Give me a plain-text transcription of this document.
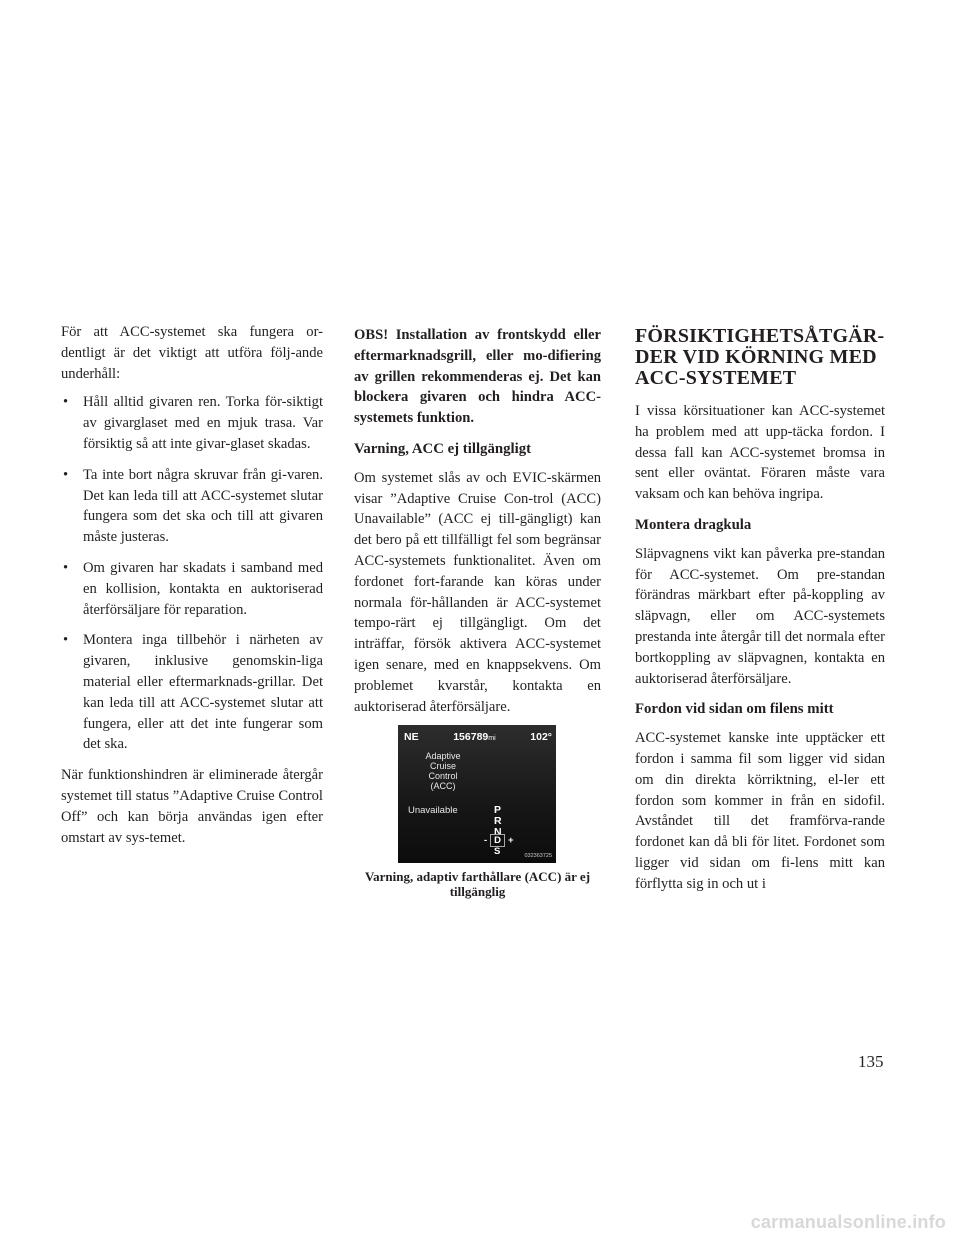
För att ACC-systemet ska fungera or-dentligt är det viktigt att utföra följ-ande underhåll:

• Håll alltid givaren ren. Torka för-siktigt av givarglaset med en mjuk trasa. Var försiktig så att inte givar-glaset skadas.
• Ta inte bort några skruvar från gi-varen. Det kan leda till att ACC-systemet slutar fungera som det ska och till att givaren måste justeras.
• Om givaren har skadats i samband med en kollision, kontakta en auktoriserad återförsäljare för reparation.
• Montera inga tillbehör i närheten av givaren, inklusive genomskin-liga material eller eftermarknads-grillar. Det kan leda till att ACC-systemet slutar att fungera, eller att det inte fungerar som det ska.

När funktionshindren är eliminerade återgår systemet till status ”Adaptive Cruise Control Off” och kan börja användas igen efter omstart av sys-temet.

OBS! Installation av frontskydd eller eftermarknadsgrill, eller mo-difiering av grillen rekommenderas ej. Det kan blockera givaren och hindra ACC-systemets funktion.

Varning, ACC ej tillgängligt

Om systemet slås av och EVIC-skärmen visar ”Adaptive Cruise Con-trol (ACC) Unavailable” (ACC ej till-gängligt) kan det bero på ett tillfälligt fel som begränsar ACC-systemets funktionalitet. Även om fordonet fort-farande kan köras under normala för-hållanden är ACC-systemet tempo-rärt ej tillgängligt. Om det inträffar, försök aktivera ACC-systemet igen senare, med en knappsekvens. Om problemet kvarstår, kontakta en auktoriserad återförsäljare.

NE	156789mi	102°
Adaptive
Cruise
Control
(ACC)
Unavailable	P
R
N
- D +
S	032363725

Varning, adaptiv farthållare (ACC) är ej tillgänglig

FÖRSIKTIGHETSÅTGÄR-
DER VID KÖRNING MED
ACC-SYSTEMET

I vissa körsituationer kan ACC-systemet ha problem med att upp-täcka fordon. I dessa fall kan ACC-systemet bromsa in sent eller oväntat. Föraren måste vara vaksam och kan behöva ingripa.

Montera dragkula

Släpvagnens vikt kan påverka pre-standan för ACC-systemet. Om pre-standan förändras märkbart efter på-koppling av släpvagn, eller om ACC-systemets prestanda inte återgår till det normala efter bortkoppling av släpvagnen, kontakta en auktoriserad återförsäljare.

Fordon vid sidan om filens mitt

ACC-systemet kanske inte upptäcker ett fordon i samma fil som ligger vid sidan om din direkta körriktning, el-ler ett fordon som kommer in från en sidofil. Avståndet till det framförva-rande fordonet kan då bli för litet. Fordonet som ligger vid sidan om fi-lens mitt kan förflytta sig in och ut i

135
carmanualsonline.info
